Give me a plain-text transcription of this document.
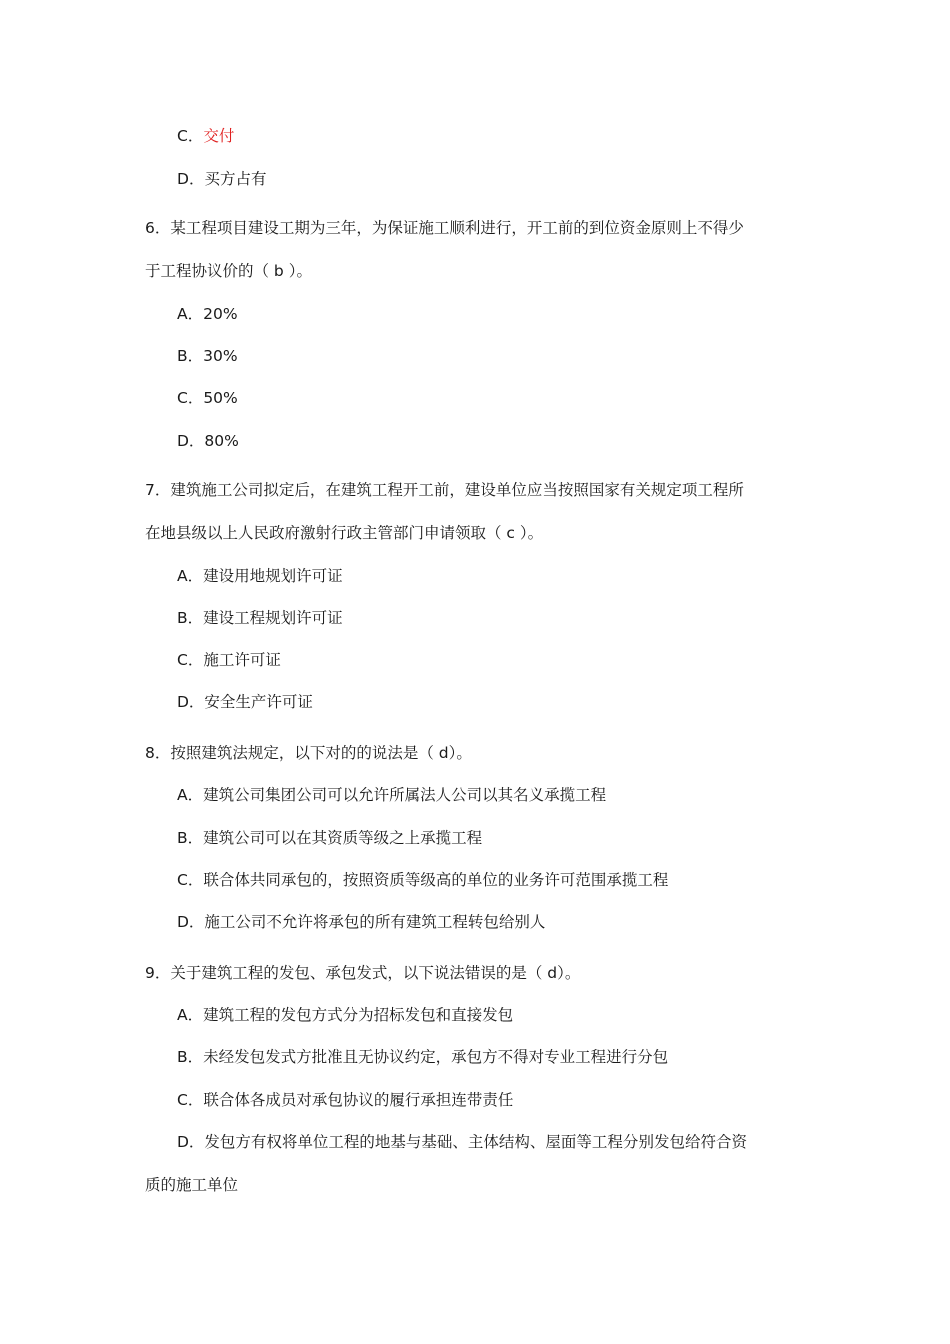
C．交付
D．买方占有
6．某工程项目建设工期为三年，为保证施工顺利进行，开工前的到位资金原则上不得少
于工程协议价的（ b ）。
A．20%
B．30%
C．50%
D．80%
7．建筑施工公司拟定后，在建筑工程开工前，建设单位应当按照国家有关规定项工程所
在地县级以上人民政府激射行政主管部门申请领取（ c ）。
A．建设用地规划许可证
B．建设工程规划许可证
C．施工许可证
D．安全生产许可证
8．按照建筑法规定，以下对的的说法是（ d）。
A．建筑公司集团公司可以允许所属法人公司以其名义承揽工程
B．建筑公司可以在其资质等级之上承揽工程
C．联合体共同承包的，按照资质等级高的单位的业务许可范围承揽工程
D．施工公司不允许将承包的所有建筑工程转包给别人
9．关于建筑工程的发包、承包发式，以下说法错误的是（ d）。
A．建筑工程的发包方式分为招标发包和直接发包
B．未经发包发式方批准且无协议约定，承包方不得对专业工程进行分包
C．联合体各成员对承包协议的履行承担连带责任
D．发包方有权将单位工程的地基与基础、主体结构、屋面等工程分别发包给符合资
质的施工单位
